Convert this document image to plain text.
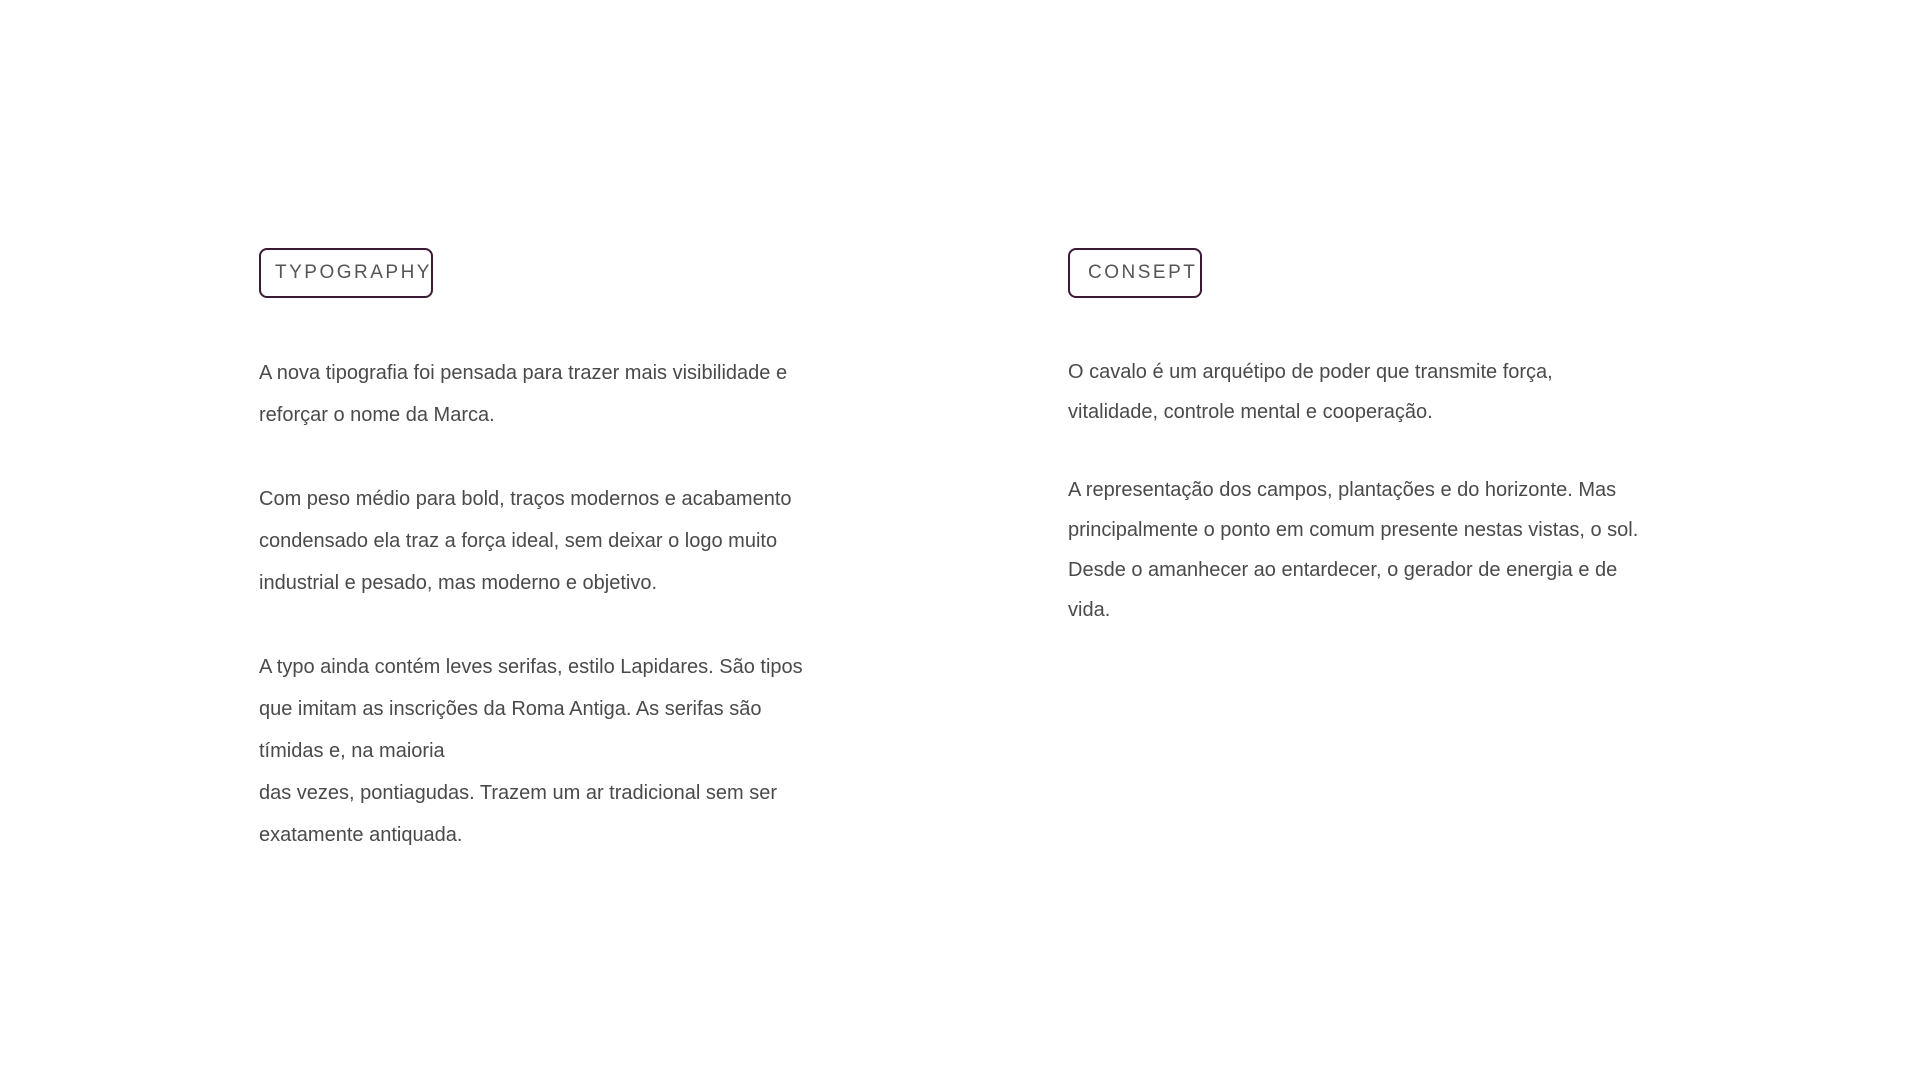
TYPOGRAPHY

A nova tipografia foi pensada para trazer mais visibilidade e
reforçar o nome da Marca.

Com peso médio para bold, traços modernos e acabamento
condensado ela traz a força ideal, sem deixar o logo muito
industrial e pesado, mas moderno e objetivo.

A typo ainda contém leves serifas, estilo Lapidares. São tipos
que imitam as inscrições da Roma Antiga. As serifas são
tímidas e, na maioria
das vezes, pontiagudas. Trazem um ar tradicional sem ser
exatamente antiquada.

CONSEPT

O cavalo é um arquétipo de poder que transmite força,
vitalidade, controle mental e cooperação.

A representação dos campos, plantações e do horizonte. Mas
principalmente o ponto em comum presente nestas vistas, o sol.
Desde o amanhecer ao entardecer, o gerador de energia e de
vida.
